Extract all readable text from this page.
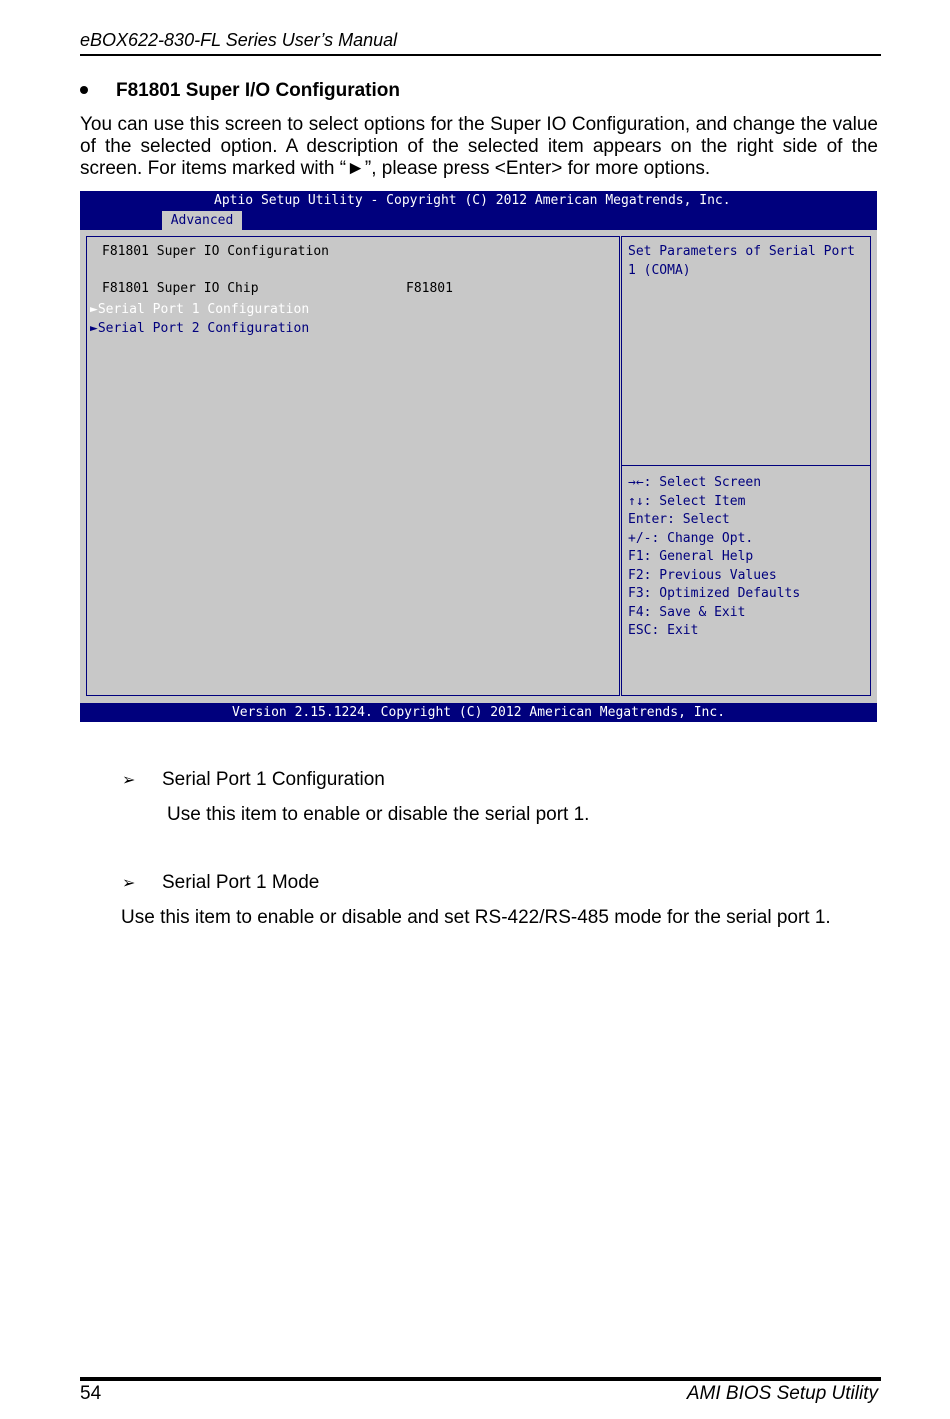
eBOX622-830-FL Series User’s Manual
F81801 Super I/O Configuration
You can use this screen to select options for the Super IO Configuration, and change the value of the selected option. A description of the selected item appears on the right side of the screen. For items marked with “►”, please press <Enter> for more options.
Aptio Setup Utility - Copyright (C) 2012 American Megatrends, Inc.
Advanced
F81801 Super IO Configuration
F81801 Super IO Chip	F81801
►Serial Port 1 Configuration
►Serial Port 2 Configuration
Set Parameters of Serial Port
1 (COMA)
→←: Select Screen
↑↓: Select Item
Enter: Select
+/-: Change Opt.
F1: General Help
F2: Previous Values
F3: Optimized Defaults
F4: Save & Exit
ESC: Exit
Version 2.15.1224. Copyright (C) 2012 American Megatrends, Inc.
➢ Serial Port 1 Configuration
Use this item to enable or disable the serial port 1.
➢ Serial Port 1 Mode
Use this item to enable or disable and set RS-422/RS-485 mode for the serial port 1.
54	AMI BIOS Setup Utility
